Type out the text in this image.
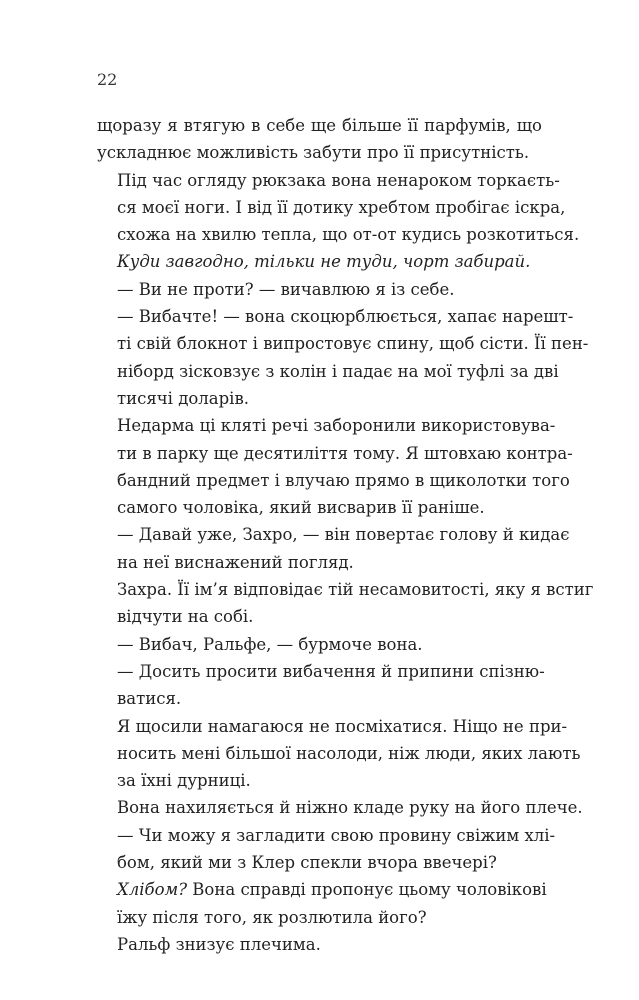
22

щоразу я втягую в себе ще більше її парфумів, що
ускладнює можливість забути про її присутність.

Під час огляду рюкзака вона ненароком торкаєть-
ся моєї ноги. І від її дотику хребтом пробігає іскра,
схожа на хвилю тепла, що от-от кудись розкотиться.

Куди завгодно, тільки не туди, чорт забирай.

— Ви не проти? — вичавлюю я із себе.

— Вибачте! — вона скоцюрблюється, хапає нарешт-
ті свій блокнот і випростовує спину, щоб сісти. Її пен-
ніборд зісковзує з колін і падає на мої туфлі за дві
тисячі доларів.

Недарма ці кляті речі заборонили використовува-
ти в парку ще десятиліття тому. Я штовхаю контра-
бандний предмет і влучаю прямо в щиколотки того
самого чоловіка, який висварив її раніше.

— Давай уже, Захро, — він повертає голову й кидає
на неї виснажений погляд.

Захра. Її ім’я відповідає тій несамовитості, яку я встиг
відчути на собі.

— Вибач, Ральфе, — бурмоче вона.

— Досить просити вибачення й припини спізню-
ватися.

Я щосили намагаюся не посміхатися. Ніщо не при-
носить мені більшої насолоди, ніж люди, яких лають
за їхні дурниці.

Вона нахиляється й ніжно кладе руку на його плече.

— Чи можу я загладити свою провину свіжим хлі-
бом, який ми з Клер спекли вчора ввечері?

Хлібом? Вона справді пропонує цьому чоловікові
їжу після того, як розлютила його?

Ральф знизує плечима.
